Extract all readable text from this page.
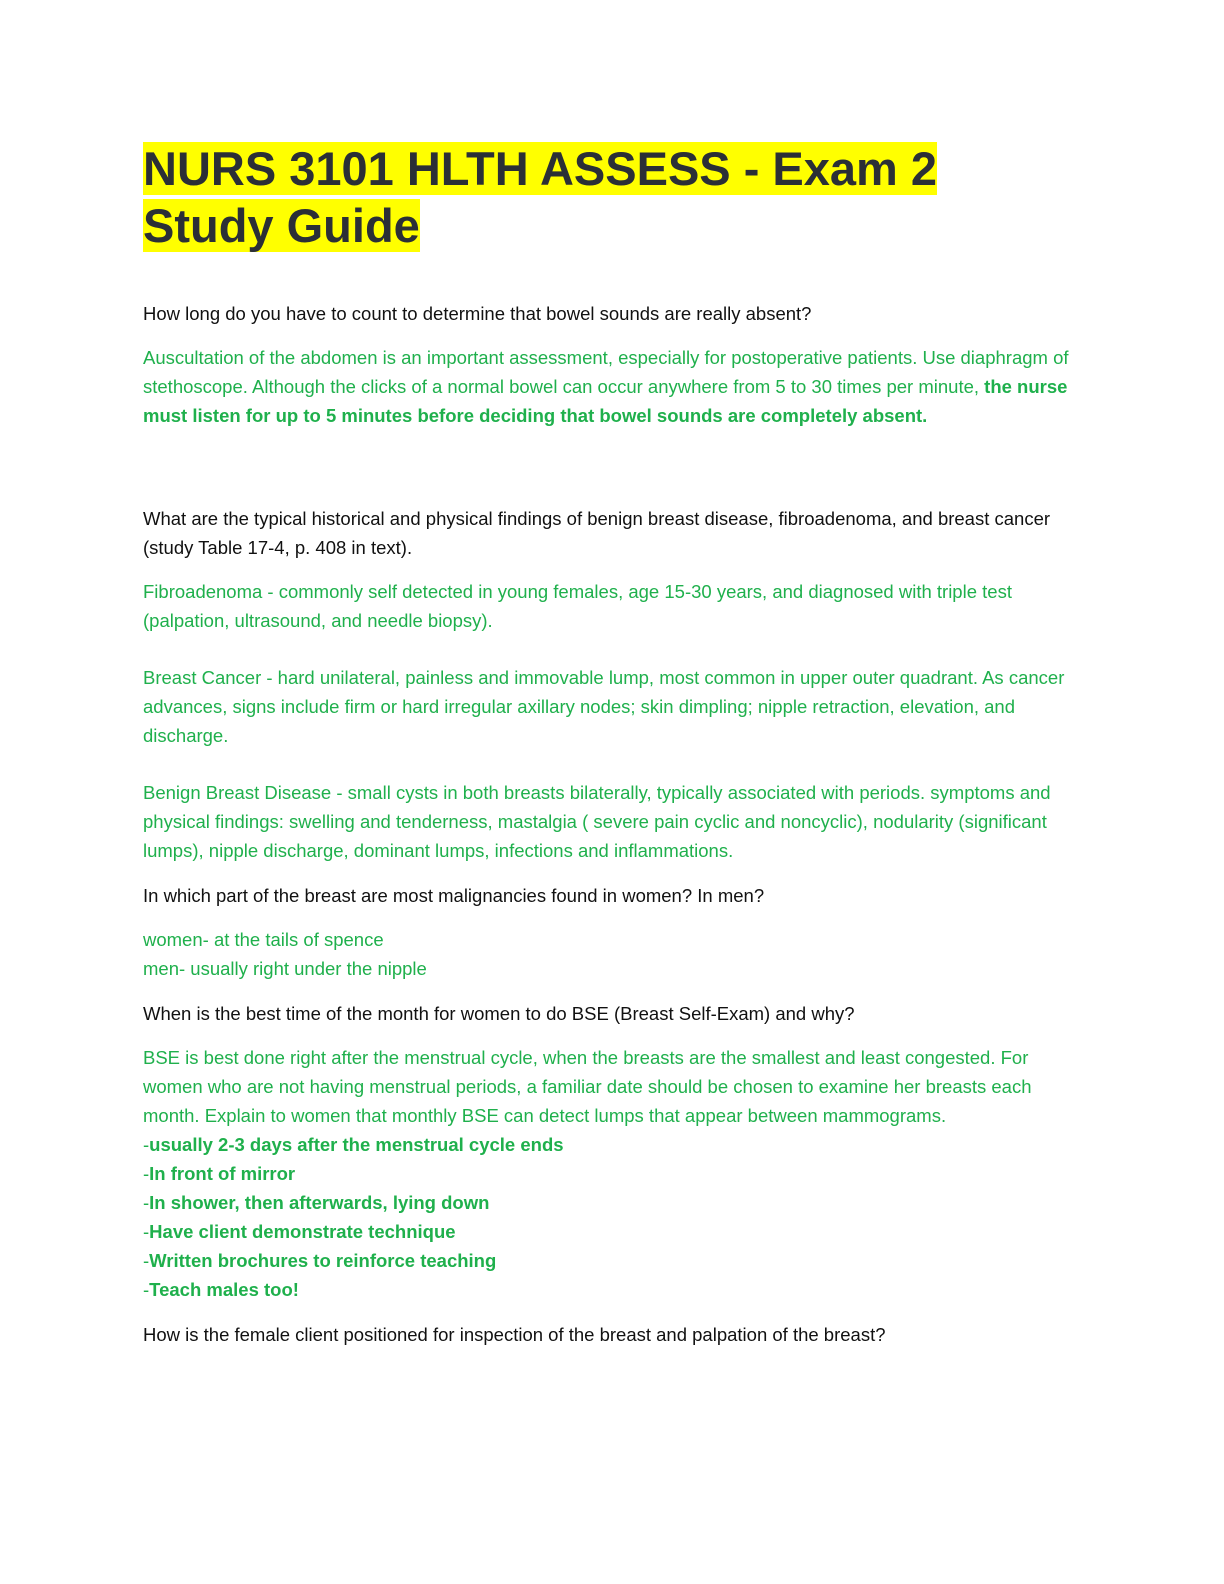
NURS 3101 HLTH ASSESS - Exam 2
Study Guide

How long do you have to count to determine that bowel sounds are really absent?

Auscultation of the abdomen is an important assessment, especially for postoperative patients. Use diaphragm of stethoscope. Although the clicks of a normal bowel can occur anywhere from 5 to 30 times per minute, the nurse must listen for up to 5 minutes before deciding that bowel sounds are completely absent.

What are the typical historical and physical findings of benign breast disease, fibroadenoma, and breast cancer (study Table 17-4, p. 408 in text).

Fibroadenoma - commonly self detected in young females, age 15-30 years, and diagnosed with triple test (palpation, ultrasound, and needle biopsy).

Breast Cancer - hard unilateral, painless and immovable lump, most common in upper outer quadrant. As cancer advances, signs include firm or hard irregular axillary nodes; skin dimpling; nipple retraction, elevation, and discharge.

Benign Breast Disease - small cysts in both breasts bilaterally, typically associated with periods. symptoms and physical findings: swelling and tenderness, mastalgia ( severe pain cyclic and noncyclic), nodularity (significant lumps), nipple discharge, dominant lumps, infections and inflammations.

In which part of the breast are most malignancies found in women? In men?

women- at the tails of spence

men- usually right under the nipple

When is the best time of the month for women to do BSE (Breast Self-Exam) and why?

BSE is best done right after the menstrual cycle, when the breasts are the smallest and least congested. For women who are not having menstrual periods, a familiar date should be chosen to examine her breasts each month. Explain to women that monthly BSE can detect lumps that appear between mammograms.

-usually 2-3 days after the menstrual cycle ends
-In front of mirror
-In shower, then afterwards, lying down
-Have client demonstrate technique
-Written brochures to reinforce teaching
-Teach males too!

How is the female client positioned for inspection of the breast and palpation of the breast?
